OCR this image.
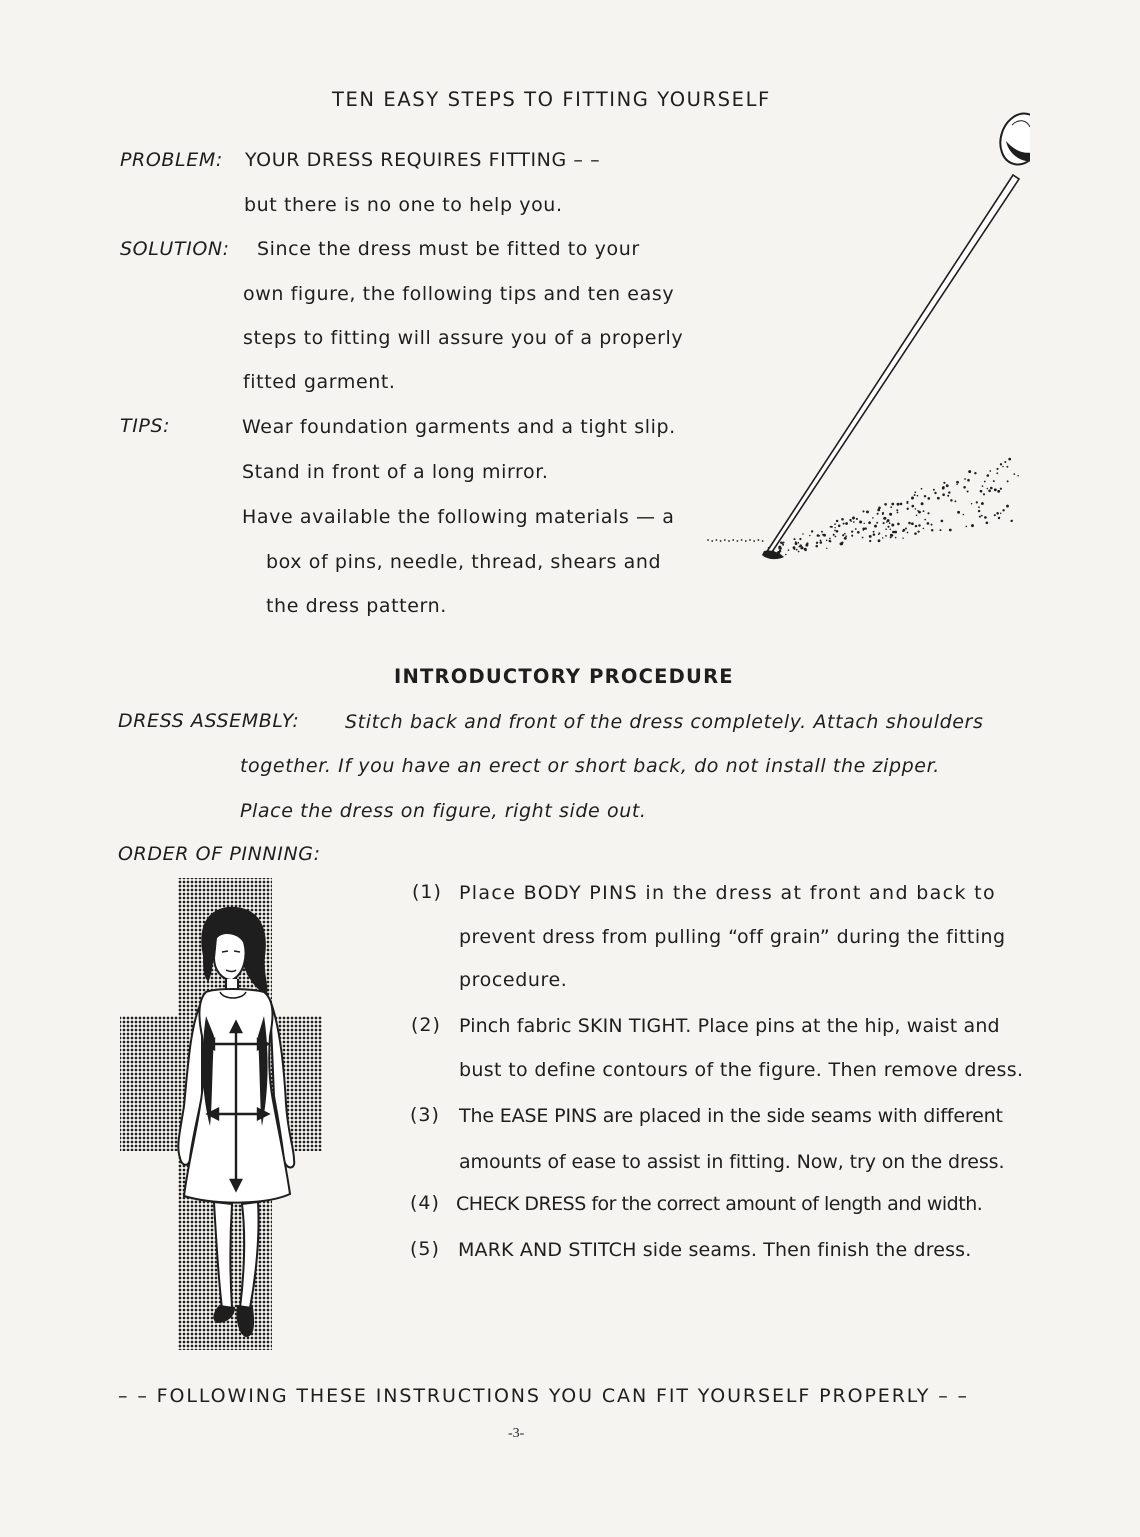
TEN EASY STEPS TO FITTING YOURSELF
PROBLEM: YOUR DRESS REQUIRES FITTING – –
but there is no one to help you.
SOLUTION: Since the dress must be fitted to your
own figure, the following tips and ten easy
steps to fitting will assure you of a properly
fitted garment.
TIPS:	Wear foundation garments and a tight slip.
Stand in front of a long mirror.
Have available the following materials — a
box of pins, needle, thread, shears and
the dress pattern.
INTRODUCTORY PROCEDURE
DRESS ASSEMBLY: Stitch back and front of the dress completely. Attach shoulders
together. If you have an erect or short back, do not install the zipper.
Place the dress on figure, right side out.
ORDER OF PINNING:
(1) Place BODY PINS in the dress at front and back to
prevent dress from pulling “off grain” during the fitting
procedure.
(2) Pinch fabric SKIN TIGHT. Place pins at the hip, waist and
bust to define contours of the figure. Then remove dress.
(3) The EASE PINS are placed in the side seams with different
amounts of ease to assist in fitting. Now, try on the dress.
(4) CHECK DRESS for the correct amount of length and width.
(5) MARK AND STITCH side seams. Then finish the dress.
– – FOLLOWING THESE INSTRUCTIONS YOU CAN FIT YOURSELF PROPERLY – –
-3-
